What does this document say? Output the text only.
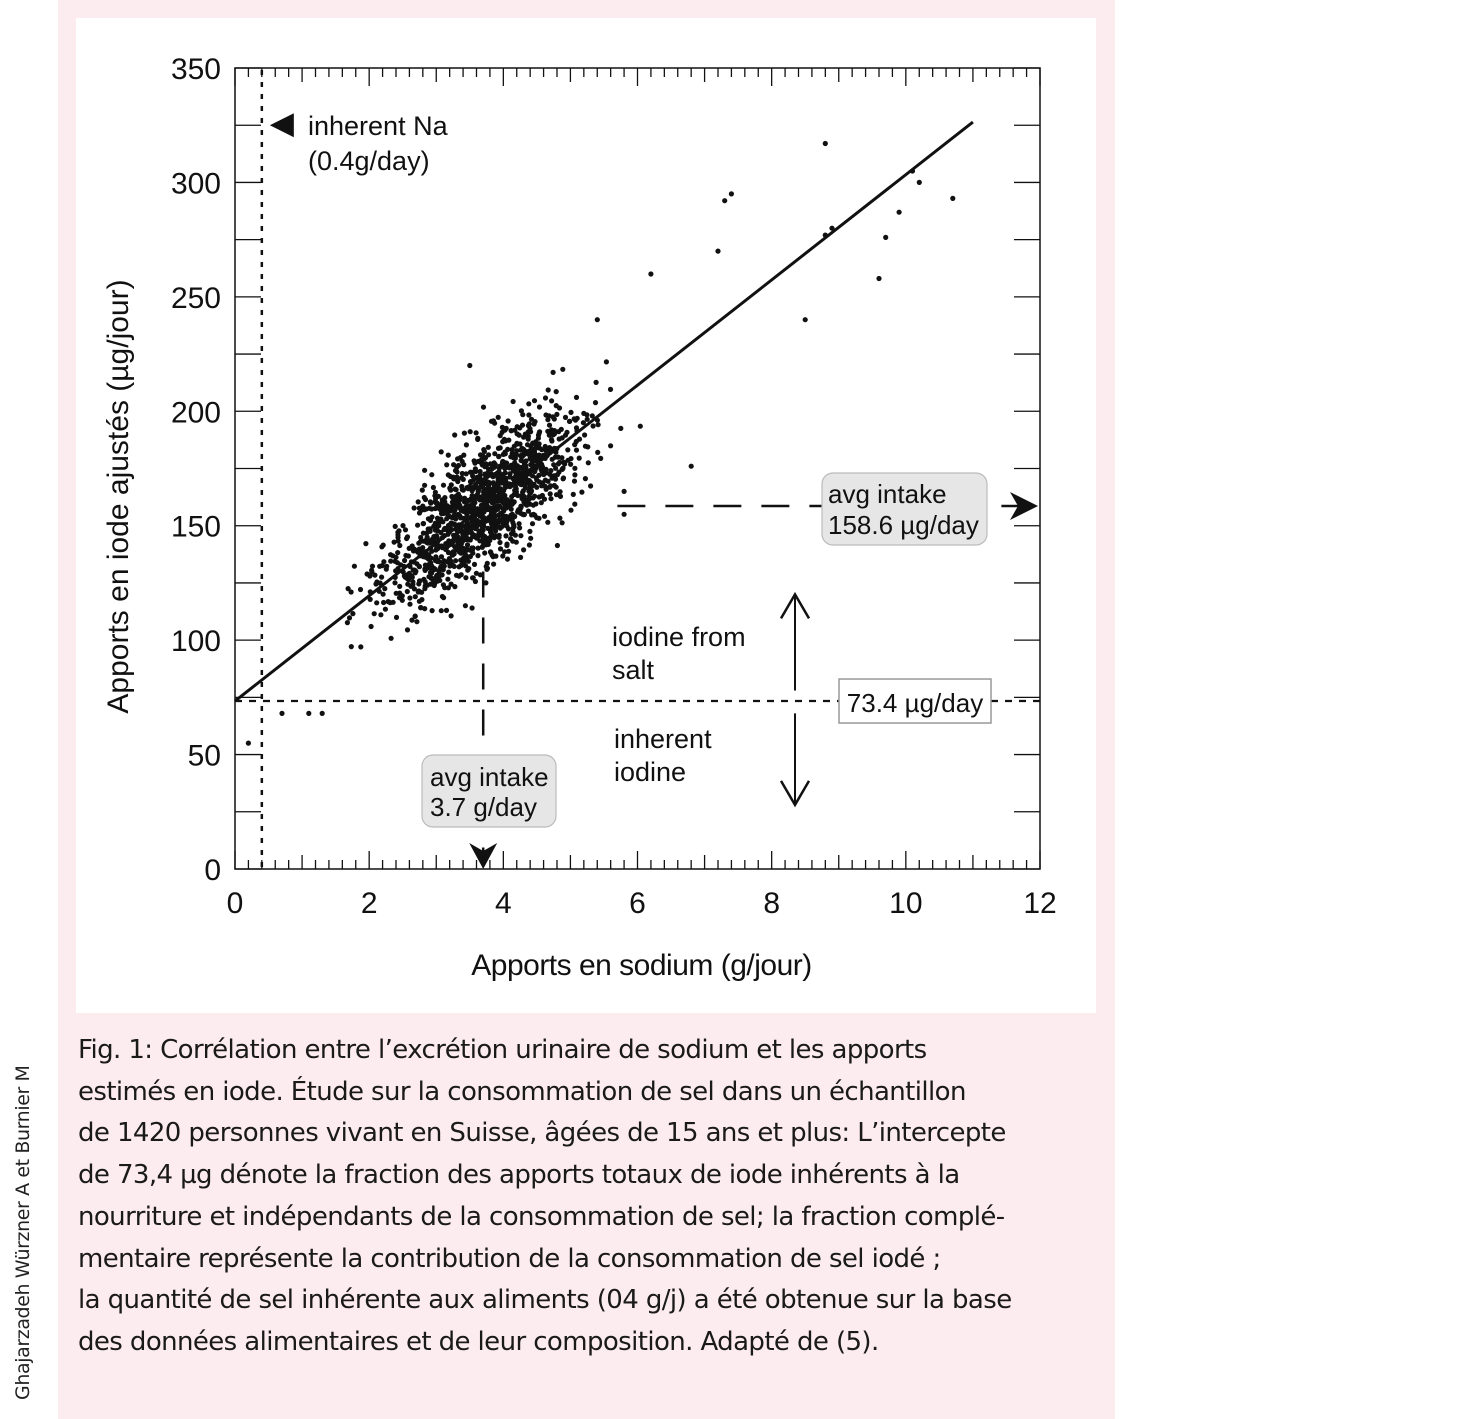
0	2	4	6	8	10	12
0
50
100
150
200
250
300
350
Apports en sodium (g/jour)
Apports en iode ajustés (µg/jour)
inherent Na
(0.4g/day)
73.4 µg/day
avg intake
158.6 µg/day
avg intake
3.7 g/day
iodine from
salt
inherent
iodine
Fig. 1: Corrélation entre l’excrétion urinaire de sodium et les apports
estimés en iode. Étude sur la consommation de sel dans un échantillon
de 1420 personnes vivant en Suisse, âgées de 15 ans et plus: L’intercepte
de 73,4 µg dénote la fraction des apports totaux de iode inhérents à la
nourriture et indépendants de la consommation de sel; la fraction complé-
mentaire représente la contribution de la consommation de sel iodé ;
la quantité de sel inhérente aux aliments (04 g/j) a été obtenue sur la base
des données alimentaires et de leur composition. Adapté de (5).
Ghajarzadeh Würzner A et Burnier M
